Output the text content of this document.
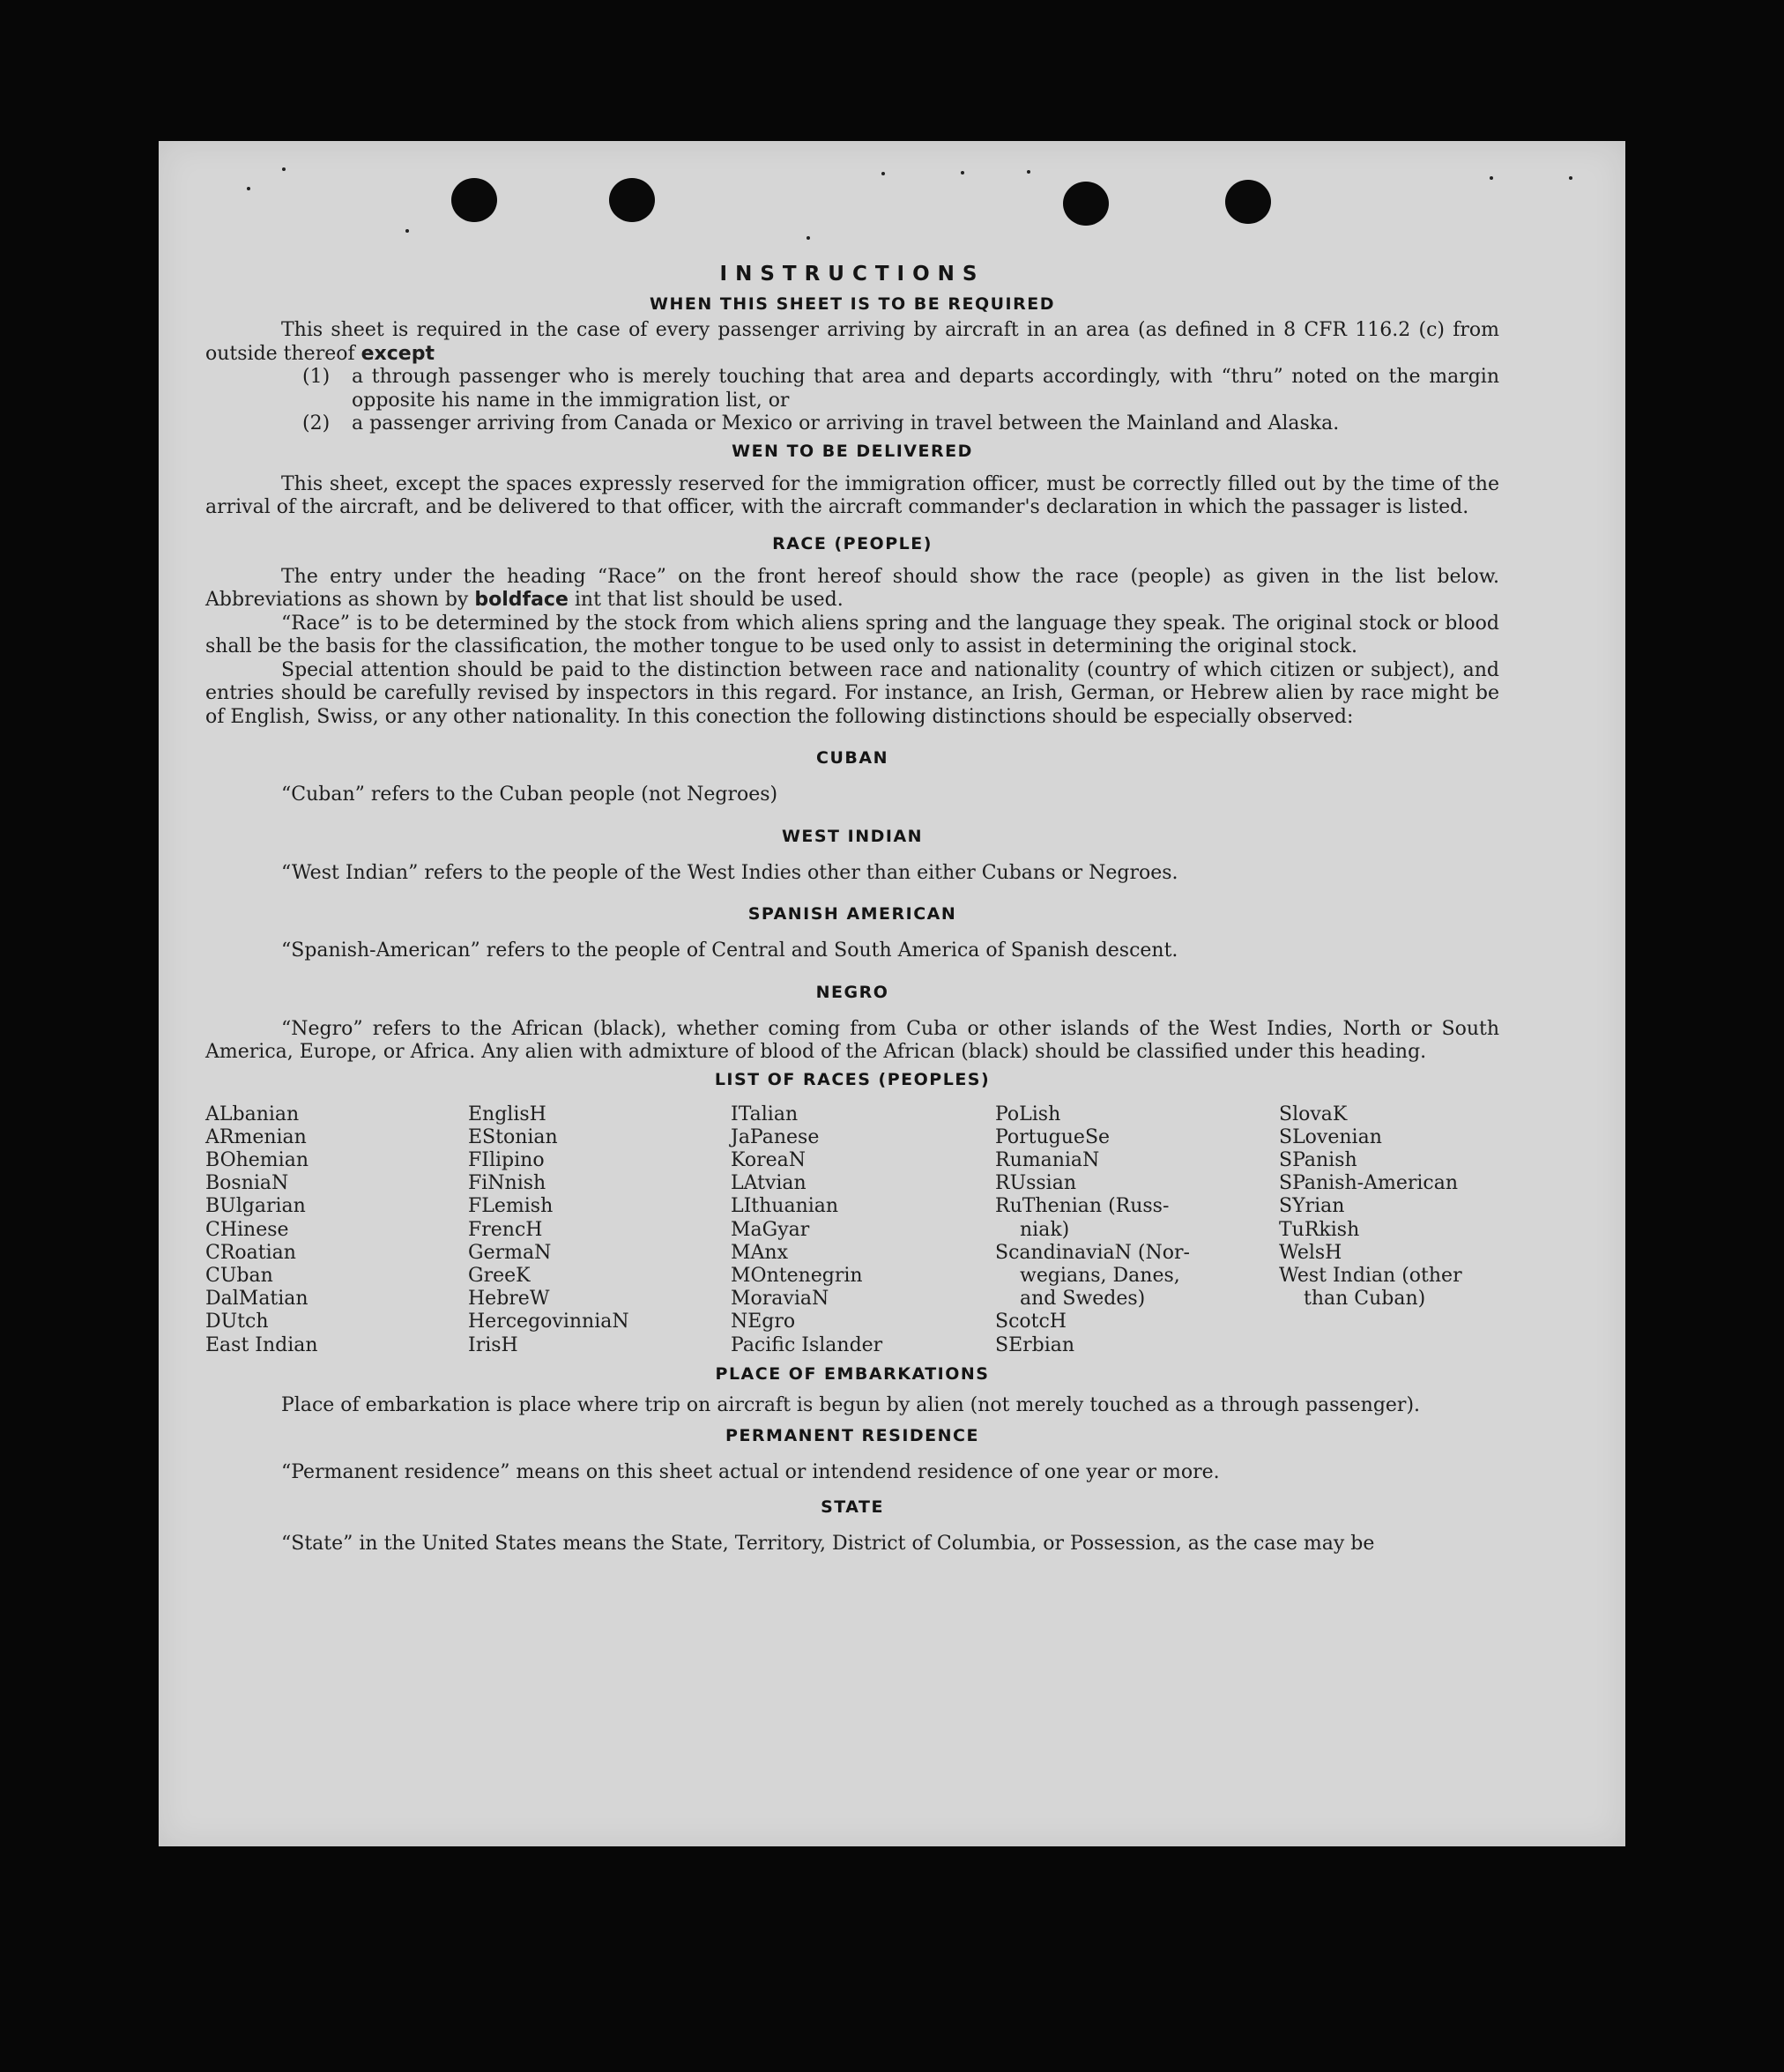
INSTRUCTIONS
WHEN THIS SHEET IS TO BE REQUIRED

This sheet is required in the case of every passenger arriving by aircraft in an area (as defined in 8 CFR 116.2 (c) from outside thereof except

(1)	a through passenger who is merely touching that area and departs accordingly, with “thru” noted on the margin opposite his name in the immigration list, or
(2)	a passenger arriving from Canada or Mexico or arriving in travel between the Mainland and Alaska.
WEN TO BE DELIVERED

This sheet, except the spaces expressly reserved for the immigration officer, must be correctly filled out by the time of the arrival of the aircraft, and be delivered to that officer, with the aircraft commander's declaration in which the passager is listed.

RACE (PEOPLE)

The entry under the heading “Race” on the front hereof should show the race (people) as given in the list below. Abbreviations as shown by boldface int that list should be used.

“Race” is to be determined by the stock from which aliens spring and the language they speak. The original stock or blood shall be the basis for the classification, the mother tongue to be used only to assist in determining the original stock.

Special attention should be paid to the distinction between race and nationality (country of which citizen or subject), and entries should be carefully revised by inspectors in this regard. For instance, an Irish, German, or Hebrew alien by race might be of English, Swiss, or any other nationality. In this conection the following distinctions should be especially observed:

CUBAN

“Cuban” refers to the Cuban people (not Negroes)

WEST INDIAN

“West Indian” refers to the people of the West Indies other than either Cubans or Negroes.

SPANISH AMERICAN

“Spanish-American” refers to the people of Central and South America of Spanish descent.

NEGRO

“Negro” refers to the African (black), whether coming from Cuba or other islands of the West Indies, North or South America, Europe, or Africa. Any alien with admixture of blood of the African (black) should be classified under this heading.

LIST OF RACES (PEOPLES)
ALbanian
ARmenian
BOhemian
BosniaN
BUlgarian
CHinese
CRoatian
CUban
DalMatian
DUtch
East Indian
EnglisH
EStonian
FIlipino
FiNnish
FLemish
FrencH
GermaN
GreeK
HebreW
HercegovinniaN
IrisH
ITalian
JaPanese
KoreaN
LAtvian
LIthuanian
MaGyar
MAnx
MOntenegrin
MoraviaN
NEgro
Pacific Islander
PoLish
PortugueSe
RumaniaN
RUssian
RuThenian (Russ-
niak)
ScandinaviaN (Nor-
wegians, Danes,
and Swedes)
ScotcH
SErbian
SlovaK
SLovenian
SPanish
SPanish-American
SYrian
TuRkish
WelsH
West Indian (other
than Cuban)
PLACE OF EMBARKATIONS

Place of embarkation is place where trip on aircraft is begun by alien (not merely touched as a through passenger).

PERMANENT RESIDENCE

“Permanent residence” means on this sheet actual or intendend residence of one year or more.

STATE

“State” in the United States means the State, Territory, District of Columbia, or Possession, as the case may be
